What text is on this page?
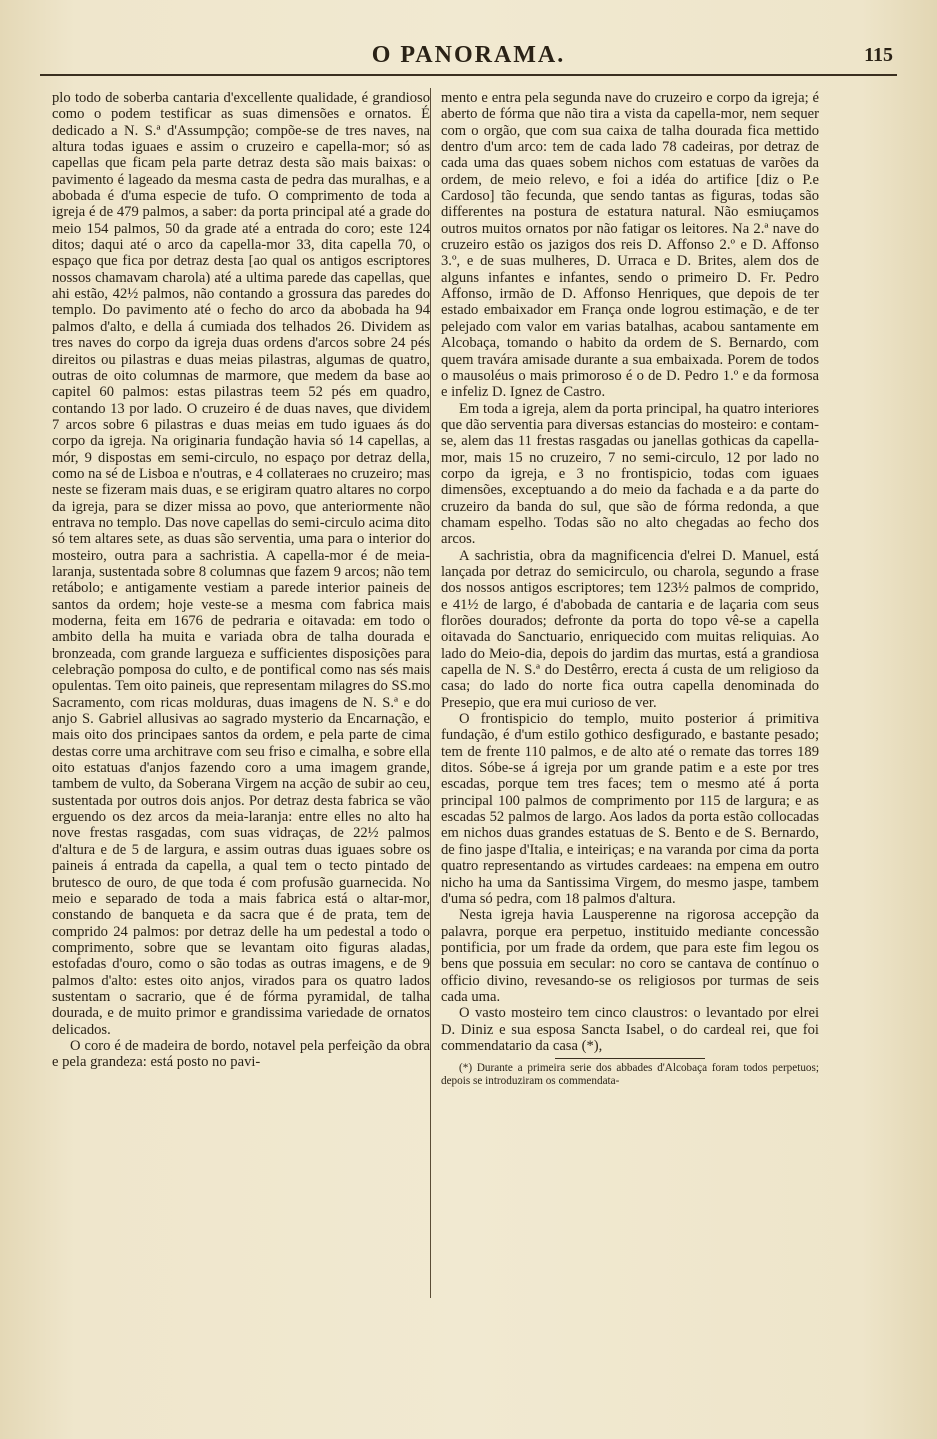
O PANORAMA.	115

plo todo de soberba cantaria d'excellente qualidade, é grandioso como o podem testificar as suas dimensões e ornatos. É dedicado a N. S.ª d'Assumpção; compõe-se de tres naves, na altura todas iguaes e assim o cruzeiro e capella-mor; só as capellas que ficam pela parte detraz desta são mais baixas: o pavimento é lageado da mesma casta de pedra das muralhas, e a abobada é d'uma especie de tufo. O comprimento de toda a igreja é de 479 palmos, a saber: da porta principal até a grade do meio 154 palmos, 50 da grade até a entrada do coro; este 124 ditos; daqui até o arco da capella-mor 33, dita capella 70, o espaço que fica por detraz desta [ao qual os antigos escriptores nossos chamavam charola) até a ultima parede das capellas, que ahi estão, 42½ palmos, não contando a grossura das paredes do templo. Do pavimento até o fecho do arco da abobada ha 94 palmos d'alto, e della á cumiada dos telhados 26. Dividem as tres naves do corpo da igreja duas ordens d'arcos sobre 24 pés direitos ou pilastras e duas meias pilastras, algumas de quatro, outras de oito columnas de marmore, que medem da base ao capitel 60 palmos: estas pilastras teem 52 pés em quadro, contando 13 por lado. O cruzeiro é de duas naves, que dividem 7 arcos sobre 6 pilastras e duas meias em tudo iguaes ás do corpo da igreja. Na originaria fundação havia só 14 capellas, a mór, 9 dispostas em semi-circulo, no espaço por detraz della, como na sé de Lisboa e n'outras, e 4 collateraes no cruzeiro; mas neste se fizeram mais duas, e se erigiram quatro altares no corpo da igreja, para se dizer missa ao povo, que anteriormente não entrava no templo. Das nove capellas do semi-circulo acima dito só tem altares sete, as duas são serventia, uma para o interior do mosteiro, outra para a sachristia. A capella-mor é de meia-laranja, sustentada sobre 8 columnas que fazem 9 arcos; não tem retábolo; e antigamente vestiam a parede interior paineis de santos da ordem; hoje veste-se a mesma com fabrica mais moderna, feita em 1676 de pedraria e oitavada: em todo o ambito della ha muita e variada obra de talha dourada e bronzeada, com grande largueza e sufficientes disposições para celebração pomposa do culto, e de pontifical como nas sés mais opulentas. Tem oito paineis, que representam milagres do SS.mo Sacramento, com ricas molduras, duas imagens de N. S.ª e do anjo S. Gabriel allusivas ao sagrado mysterio da Encarnação, e mais oito dos principaes santos da ordem, e pela parte de cima destas corre uma architrave com seu friso e cimalha, e sobre ella oito estatuas d'anjos fazendo coro a uma imagem grande, tambem de vulto, da Soberana Virgem na acção de subir ao ceu, sustentada por outros dois anjos. Por detraz desta fabrica se vão erguendo os dez arcos da meia-laranja: entre elles no alto ha nove frestas rasgadas, com suas vidraças, de 22½ palmos d'altura e de 5 de largura, e assim outras duas iguaes sobre os paineis á entrada da capella, a qual tem o tecto pintado de brutesco de ouro, de que toda é com profusão guarnecida. No meio e separado de toda a mais fabrica está o altar-mor, constando de banqueta e da sacra que é de prata, tem de comprido 24 palmos: por detraz delle ha um pedestal a todo o comprimento, sobre que se levantam oito figuras aladas, estofadas d'ouro, como o são todas as outras imagens, e de 9 palmos d'alto: estes oito anjos, virados para os quatro lados sustentam o sacrario, que é de fórma pyramidal, de talha dourada, e de muito primor e grandissima variedade de ornatos delicados.

O coro é de madeira de bordo, notavel pela perfeição da obra e pela grandeza: está posto no pavi-

mento e entra pela segunda nave do cruzeiro e corpo da igreja; é aberto de fórma que não tira a vista da capella-mor, nem sequer com o orgão, que com sua caixa de talha dourada fica mettido dentro d'um arco: tem de cada lado 78 cadeiras, por detraz de cada uma das quaes sobem nichos com estatuas de varões da ordem, de meio relevo, e foi a idéa do artifice [diz o P.e Cardoso] tão fecunda, que sendo tantas as figuras, todas são differentes na postura de estatura natural. Não esmiuçamos outros muitos ornatos por não fatigar os leitores. Na 2.ª nave do cruzeiro estão os jazigos dos reis D. Affonso 2.º e D. Affonso 3.º, e de suas mulheres, D. Urraca e D. Brites, alem dos de alguns infantes e infantes, sendo o primeiro D. Fr. Pedro Affonso, irmão de D. Affonso Henriques, que depois de ter estado embaixador em França onde logrou estimação, e de ter pelejado com valor em varias batalhas, acabou santamente em Alcobaça, tomando o habito da ordem de S. Bernardo, com quem travára amisade durante a sua embaixada. Porem de todos o mausoléus o mais primoroso é o de D. Pedro 1.º e da formosa e infeliz D. Ignez de Castro.

Em toda a igreja, alem da porta principal, ha quatro interiores que dão serventia para diversas estancias do mosteiro: e contam-se, alem das 11 frestas rasgadas ou janellas gothicas da capella-mor, mais 15 no cruzeiro, 7 no semi-circulo, 12 por lado no corpo da igreja, e 3 no frontispicio, todas com iguaes dimensões, exceptuando a do meio da fachada e a da parte do cruzeiro da banda do sul, que são de fórma redonda, a que chamam espelho. Todas são no alto chegadas ao fecho dos arcos.

A sachristia, obra da magnificencia d'elrei D. Manuel, está lançada por detraz do semicirculo, ou charola, segundo a frase dos nossos antigos escriptores; tem 123½ palmos de comprido, e 41½ de largo, é d'abobada de cantaria e de laçaria com seus florões dourados; defronte da porta do topo vê-se a capella oitavada do Sanctuario, enriquecido com muitas reliquias. Ao lado do Meio-dia, depois do jardim das murtas, está a grandiosa capella de N. S.ª do Destêrro, erecta á custa de um religioso da casa; do lado do norte fica outra capella denominada do Presepio, que era mui curioso de ver.

O frontispicio do templo, muito posterior á primitiva fundação, é d'um estilo gothico desfigurado, e bastante pesado; tem de frente 110 palmos, e de alto até o remate das torres 189 ditos. Sóbe-se á igreja por um grande patim e a este por tres escadas, porque tem tres faces; tem o mesmo até á porta principal 100 palmos de comprimento por 115 de largura; e as escadas 52 palmos de largo. Aos lados da porta estão collocadas em nichos duas grandes estatuas de S. Bento e de S. Bernardo, de fino jaspe d'Italia, e inteiriças; e na varanda por cima da porta quatro representando as virtudes cardeaes: na empena em outro nicho ha uma da Santissima Virgem, do mesmo jaspe, tambem d'uma só pedra, com 18 palmos d'altura.

Nesta igreja havia Lausperenne na rigorosa accepção da palavra, porque era perpetuo, instituido mediante concessão pontificia, por um frade da ordem, que para este fim legou os bens que possuia em secular: no coro se cantava de contínuo o officio divino, revesando-se os religiosos por turmas de seis cada uma.

O vasto mosteiro tem cinco claustros: o levantado por elrei D. Diniz e sua esposa Sancta Isabel, o do cardeal rei, que foi commendatario da casa (*),

(*) Durante a primeira serie dos abbades d'Alcobaça foram todos perpetuos; depois se introduziram os commendata-
